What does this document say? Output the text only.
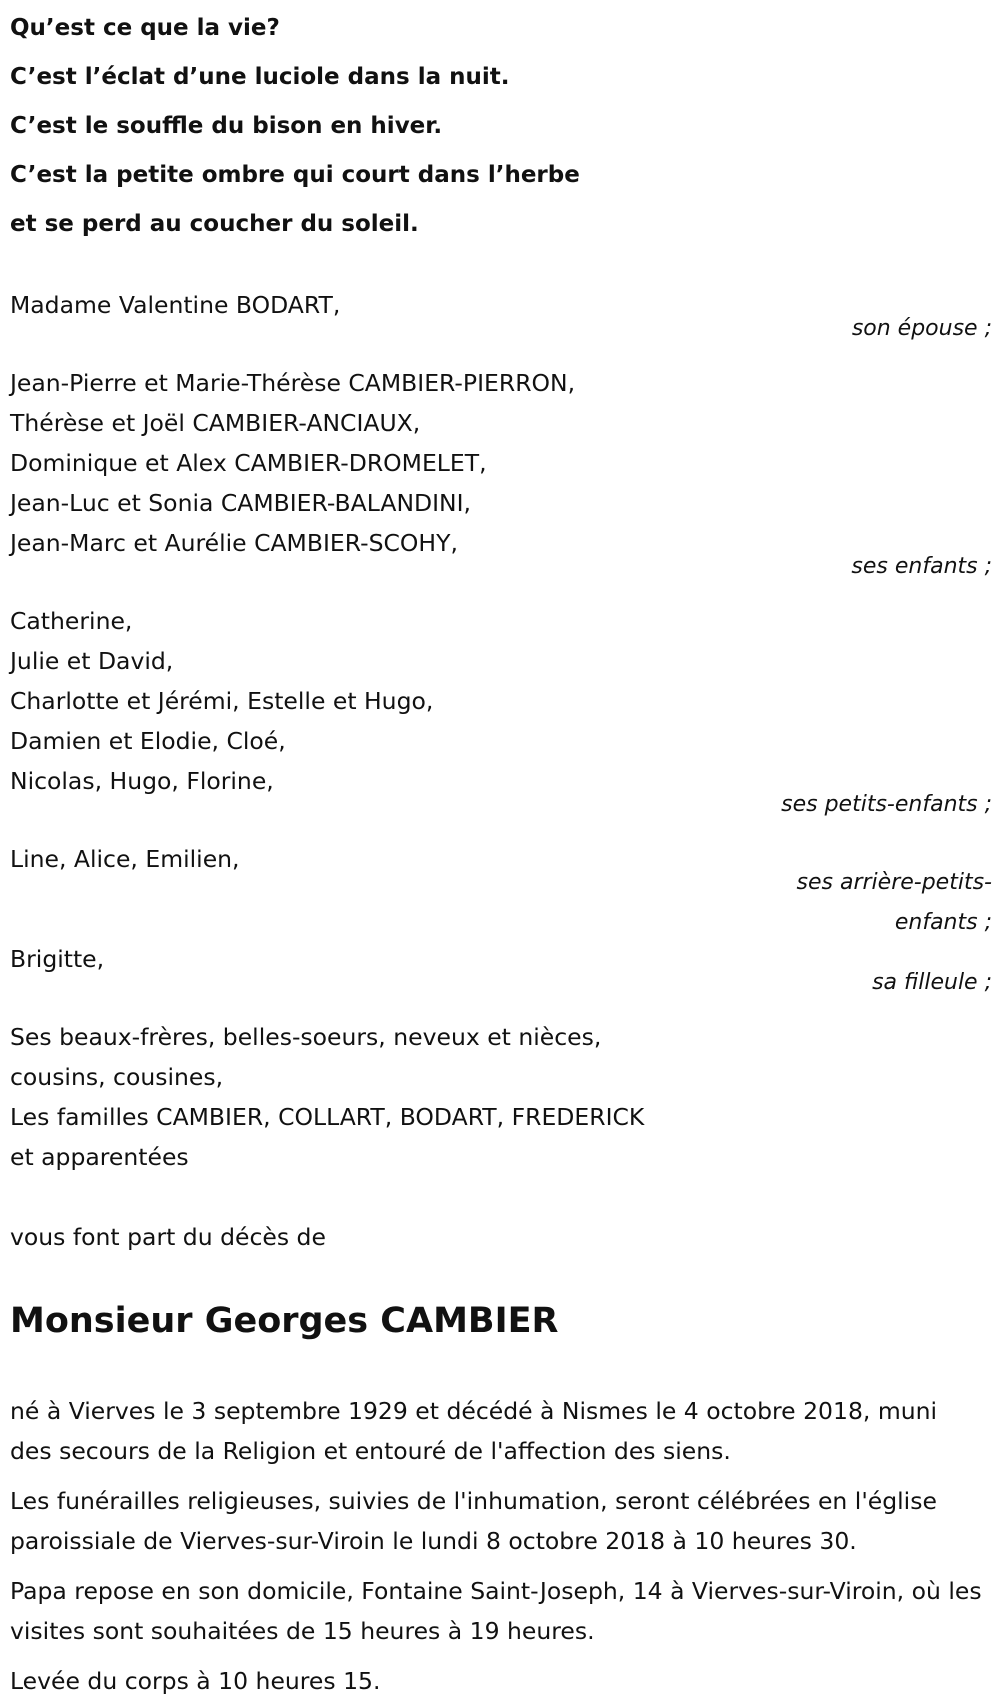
Qu’est ce que la vie?
C’est l’éclat d’une luciole dans la nuit.
C’est le souffle du bison en hiver.
C’est la petite ombre qui court dans l’herbe
et se perd au coucher du soleil.
Madame Valentine BODART,
son épouse ;
Jean-Pierre et Marie-Thérèse CAMBIER-PIERRON,
Thérèse et Joël CAMBIER-ANCIAUX,
Dominique et Alex CAMBIER-DROMELET,
Jean-Luc et Sonia CAMBIER-BALANDINI,
Jean-Marc et Aurélie CAMBIER-SCOHY,
ses enfants ;
Catherine,
Julie et David,
Charlotte et Jérémi, Estelle et Hugo,
Damien et Elodie, Cloé,
Nicolas, Hugo, Florine,
ses petits-enfants ;
Line, Alice, Emilien,
ses arrière-petits-
enfants ;
Brigitte,
sa filleule ;
Ses beaux-frères, belles-soeurs, neveux et nièces,
cousins, cousines,
Les familles CAMBIER, COLLART, BODART, FREDERICK
et apparentées
vous font part du décès de
Monsieur Georges CAMBIER

né à Vierves le 3 septembre 1929 et décédé à Nismes le 4 octobre 2018, muni des secours de la Religion et entouré de l'affection des siens.

Les funérailles religieuses, suivies de l'inhumation, seront célébrées en l'église paroissiale de Vierves-sur-Viroin le lundi 8 octobre 2018 à 10 heures 30.

Papa repose en son domicile, Fontaine Saint-Joseph, 14 à Vierves-sur-Viroin, où les visites sont souhaitées de 15 heures à 19 heures.

Levée du corps à 10 heures 15.
